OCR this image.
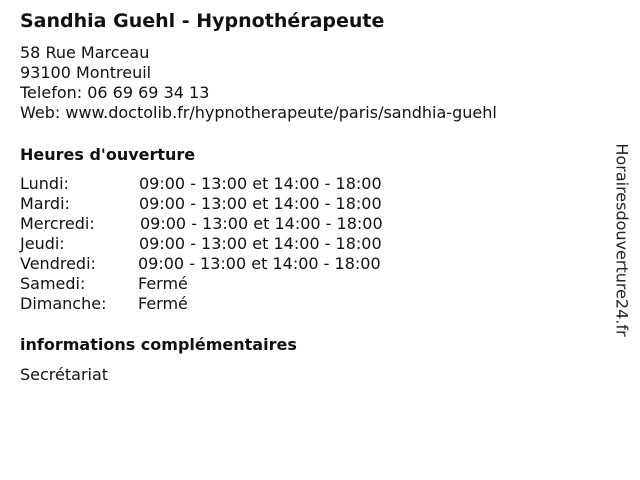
Sandhia Guehl - Hypnothérapeute
58 Rue Marceau
93100 Montreuil
Telefon: 06 69 69 34 13
Web: www.doctolib.fr/hypnotherapeute/paris/sandhia-guehl
Heures d'ouverture
Lundi:	09:00 - 13:00 et 14:00 - 18:00
Mardi:	09:00 - 13:00 et 14:00 - 18:00
Mercredi:	09:00 - 13:00 et 14:00 - 18:00
Jeudi:	09:00 - 13:00 et 14:00 - 18:00
Vendredi:	09:00 - 13:00 et 14:00 - 18:00
Samedi:	Fermé
Dimanche: Fermé
informations complémentaires
Secrétariat
Horairesdouverture24.fr
